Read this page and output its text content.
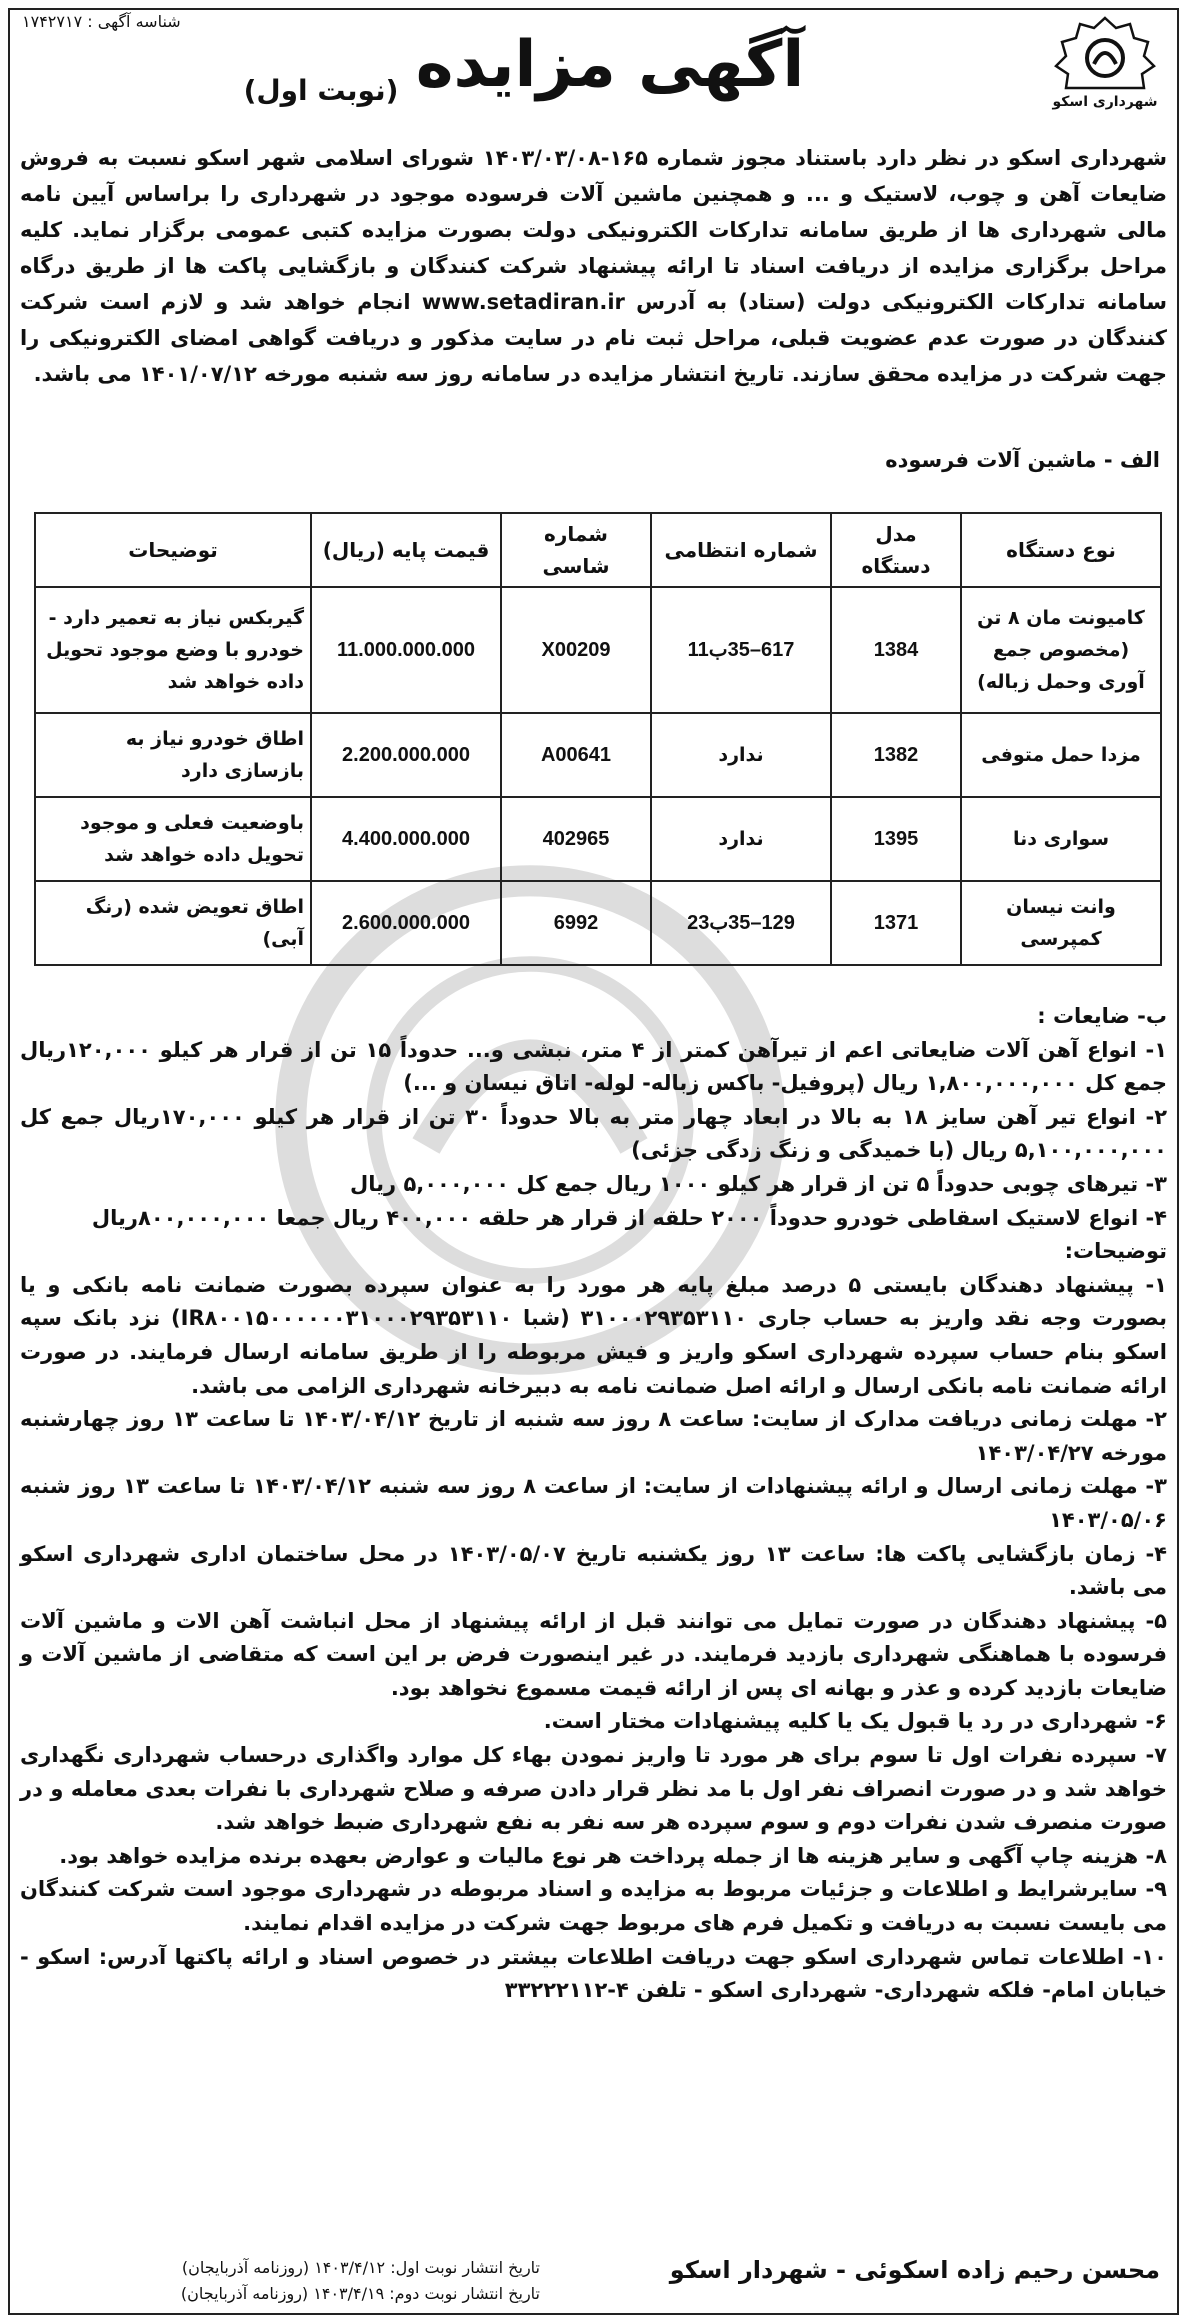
شناسه آگهی : ۱۷۴۲۷۱۷
آگهی مزایده
(نوبت اول)	شهرداری اسکو
شهرداری اسکو در نظر دارد باستناد مجوز شماره ۱۶۵-۱۴۰۳/۰۳/۰۸ شورای اسلامی شهر اسکو نسبت به فروش ضایعات آهن و چوب، لاستیک و ... و همچنین ماشین آلات فرسوده موجود در شهرداری را براساس آیین نامه مالی شهرداری ها از طریق سامانه تدارکات الکترونیکی دولت بصورت مزایده کتبی عمومی برگزار نماید. کلیه مراحل برگزاری مزایده از دریافت اسناد تا ارائه پیشنهاد شرکت کنندگان و بازگشایی پاکت ها از طریق درگاه سامانه تدارکات الکترونیکی دولت (ستاد) به آدرس www.setadiran.ir انجام خواهد شد و لازم است شرکت کنندگان در صورت عدم عضویت قبلی، مراحل ثبت نام در سایت مذکور و دریافت گواهی امضای الکترونیکی را جهت شرکت در مزایده محقق سازند. تاریخ انتشار مزایده در سامانه روز سه شنبه مورخه ۱۴۰۱/۰۷/۱۲ می باشد.
الف - ماشین آلات فرسوده
نوع دستگاه	مدل دستگاه	شماره انتظامی	شماره شاسی	قیمت پایه (ریال)	توضیحات
کامیونت مان ۸ تن (مخصوص جمع آوری وحمل زباله)	1384	617–35ب11	X00209	11.000.000.000	گیربکس نیاز به تعمیر دارد - خودرو با وضع موجود تحویل داده خواهد شد
مزدا حمل متوفی	1382	ندارد	A00641	2.200.000.000	اطاق خودرو نیاز به بازسازی دارد
سواری دنا	1395	ندارد	402965	4.400.000.000	باوضعیت فعلی و موجود تحویل داده خواهد شد
وانت نیسان کمپرسی	1371	129–35ب23	6992	2.600.000.000	اطاق تعویض شده (رنگ آبی)
ب- ضایعات :
۱- انواع آهن آلات ضایعاتی اعم از تیرآهن کمتر از ۴ متر، نبشی و... حدوداً ۱۵ تن از قرار هر کیلو ۱۲۰,۰۰۰ریال جمع کل ۱,۸۰۰,۰۰۰,۰۰۰ ریال (پروفیل- باکس زباله- لوله- اتاق نیسان و ...)
۲- انواع تیر آهن سایز ۱۸ به بالا در ابعاد چهار متر به بالا حدوداً ۳۰ تن از قرار هر کیلو ۱۷۰,۰۰۰ریال جمع کل ۵,۱۰۰,۰۰۰,۰۰۰ ریال (با خمیدگی و زنگ زدگی جزئی)
۳- تیرهای چوبی حدوداً ۵ تن از قرار هر کیلو ۱۰۰۰ ریال جمع کل ۵,۰۰۰,۰۰۰ ریال
۴- انواع لاستیک اسقاطی خودرو حدوداً ۲۰۰۰ حلقه از قرار هر حلقه ۴۰۰,۰۰۰ ریال جمعا ۸۰۰,۰۰۰,۰۰۰ریال
توضیحات:
۱- پیشنهاد دهندگان بایستی ۵ درصد مبلغ پایه هر مورد را به عنوان سپرده بصورت ضمانت نامه بانکی و یا بصورت وجه نقد واریز به حساب جاری ۳۱۰۰۰۲۹۳۵۳۱۱۰ (شبا IR۸۰۰۱۵۰۰۰۰۰۰۳۱۰۰۰۲۹۳۵۳۱۱۰) نزد بانک سپه اسکو بنام حساب سپرده شهرداری اسکو واریز و فیش مربوطه را از طریق سامانه ارسال فرمایند. در صورت ارائه ضمانت نامه بانکی ارسال و ارائه اصل ضمانت نامه به دبیرخانه شهرداری الزامی می باشد.
۲- مهلت زمانی دریافت مدارک از سایت: ساعت ۸ روز سه شنبه از تاریخ ۱۴۰۳/۰۴/۱۲ تا ساعت ۱۳ روز چهارشنبه مورخه ۱۴۰۳/۰۴/۲۷
۳- مهلت زمانی ارسال و ارائه پیشنهادات از سایت: از ساعت ۸ روز سه شنبه ۱۴۰۳/۰۴/۱۲ تا ساعت ۱۳ روز شنبه ۱۴۰۳/۰۵/۰۶
۴- زمان بازگشایی پاکت ها: ساعت ۱۳ روز یکشنبه تاریخ ۱۴۰۳/۰۵/۰۷ در محل ساختمان اداری شهرداری اسکو می باشد.
۵- پیشنهاد دهندگان در صورت تمایل می توانند قبل از ارائه پیشنهاد از محل انباشت آهن الات و ماشین آلات فرسوده با هماهنگی شهرداری بازدید فرمایند. در غیر اینصورت فرض بر این است که متقاضی از ماشین آلات و ضایعات بازدید کرده و عذر و بهانه ای پس از ارائه قیمت مسموع نخواهد بود.
۶- شهرداری در رد یا قبول یک یا کلیه پیشنهادات مختار است.
۷- سپرده نفرات اول تا سوم برای هر مورد تا واریز نمودن بهاء کل موارد واگذاری درحساب شهرداری نگهداری خواهد شد و در صورت انصراف نفر اول با مد نظر قرار دادن صرفه و صلاح شهرداری با نفرات بعدی معامله و در صورت منصرف شدن نفرات دوم و سوم سپرده هر سه نفر به نفع شهرداری ضبط خواهد شد.
۸- هزینه چاپ آگهی و سایر هزینه ها از جمله پرداخت هر نوع مالیات و عوارض بعهده برنده مزایده خواهد بود.
۹- سایرشرایط و اطلاعات و جزئیات مربوط به مزایده و اسناد مربوطه در شهرداری موجود است شرکت کنندگان می بایست نسبت به دریافت و تکمیل فرم های مربوط جهت شرکت در مزایده اقدام نمایند.
۱۰- اطلاعات تماس شهرداری اسکو جهت دریافت اطلاعات بیشتر در خصوص اسناد و ارائه پاکتها آدرس: اسکو - خیابان امام- فلکه شهرداری- شهرداری اسکو - تلفن ۴-۳۳۲۲۲۱۱۲
تاریخ انتشار نوبت اول: ۱۴۰۳/۴/۱۲ (روزنامه آذربایجان)
تاریخ انتشار نوبت دوم: ۱۴۰۳/۴/۱۹ (روزنامه آذربایجان)
محسن رحیم زاده اسکوئی - شهردار اسکو
